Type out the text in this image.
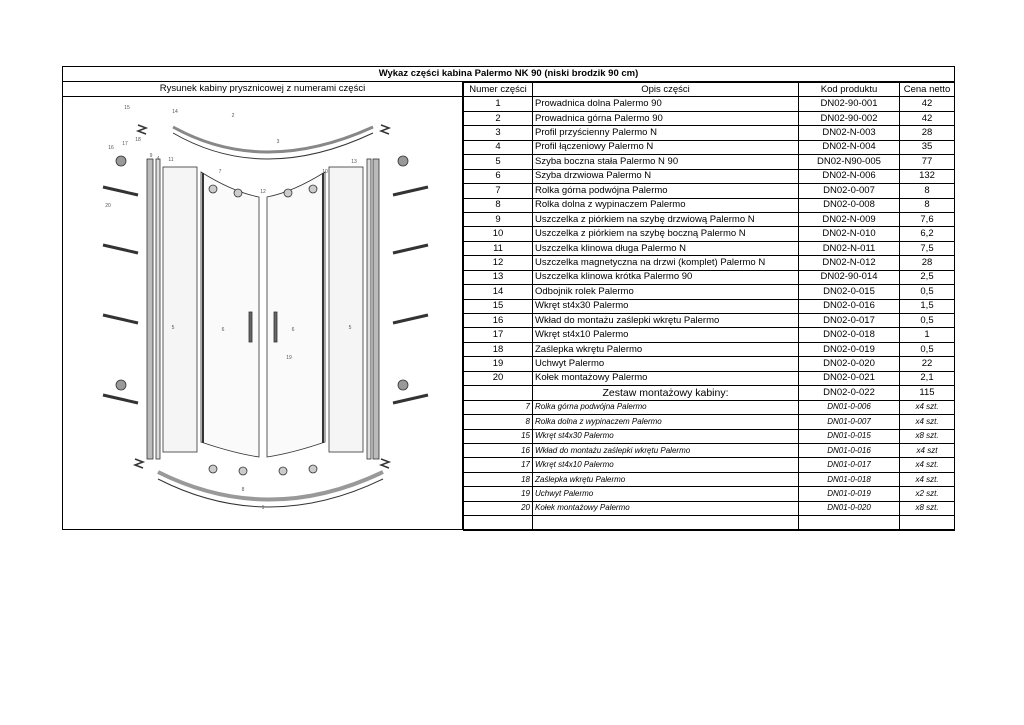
Wykaz części kabina Palermo NK 90 (niski brodzik 90 cm)
Rysunek kabiny prysznicowej z numerami części
15
14
2
3
16
17
18
9 4 11
7
12
10
13
20
5	6	6	5
19
8
1
Numer części	Opis części	Kod produktu	Cena netto
1	Prowadnica dolna Palermo 90	DN02-90-001	42
2	Prowadnica górna Palermo 90	DN02-90-002	42
3	Profil przyścienny Palermo N	DN02-N-003	28
4	Profil łączeniowy Palermo N	DN02-N-004	35
5	Szyba boczna stała Palermo N 90	DN02-N90-005	77
6	Szyba drzwiowa Palermo N	DN02-N-006	132
7	Rolka górna podwójna Palermo	DN02-0-007	8
8	Rolka dolna z wypinaczem Palermo	DN02-0-008	8
9	Uszczelka z piórkiem na szybę drzwiową Palermo N	DN02-N-009	7,6
10	Uszczelka z piórkiem na szybę boczną Palermo N	DN02-N-010	6,2
11	Uszczelka klinowa długa Palermo N	DN02-N-011	7,5
12	Uszczelka magnetyczna na drzwi (komplet) Palermo N	DN02-N-012	28
13	Uszczelka klinowa krótka Palermo 90	DN02-90-014	2,5
14	Odbojnik rolek Palermo	DN02-0-015	0,5
15	Wkręt st4x30 Palermo	DN02-0-016	1,5
16	Wkład do montażu zaślepki wkrętu Palermo	DN02-0-017	0,5
17	Wkręt st4x10 Palermo	DN02-0-018	1
18	Zaślepka wkrętu Palermo	DN02-0-019	0,5
19	Uchwyt Palermo	DN02-0-020	22
20	Kołek montażowy Palermo	DN02-0-021	2,1
	Zestaw montażowy kabiny:	DN02-0-022	115
7	Rolka górna podwójna Palermo	DN01-0-006	x4 szt.
8	Rolka dolna z wypinaczem Palermo	DN01-0-007	x4 szt.
15	Wkręt st4x30 Palermo	DN01-0-015	x8 szt.
16	Wkład do montażu zaślepki wkrętu Palermo	DN01-0-016	x4 szt
17	Wkręt st4x10 Palermo	DN01-0-017	x4 szt.
18	Zaślepka wkrętu Palermo	DN01-0-018	x4 szt.
19	Uchwyt Palermo	DN01-0-019	x2 szt.
20	Kołek montażowy Palermo	DN01-0-020	x8 szt.
